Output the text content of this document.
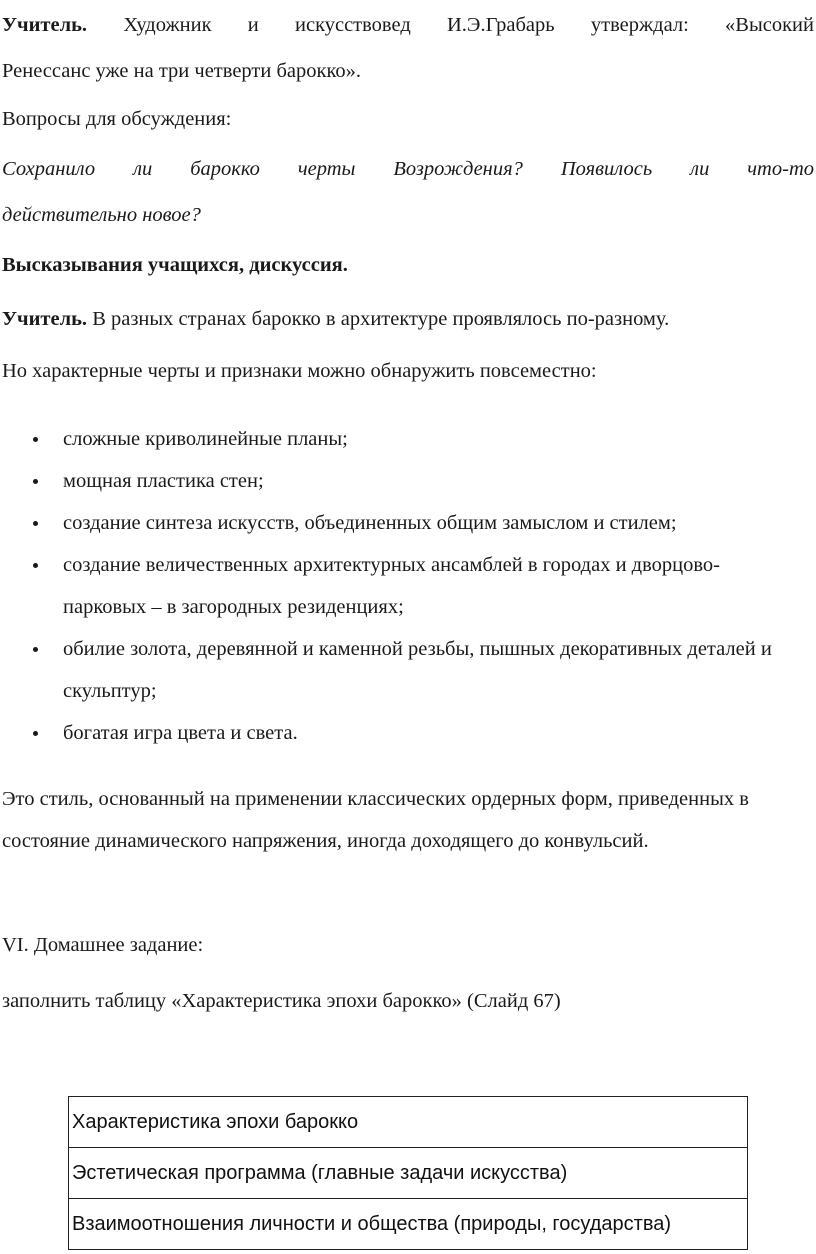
Учитель. Художник и искусствовед И.Э.Грабарь утверждал: «Высокий

Ренессанс уже на три четверти барокко».

Вопросы для обсуждения:

Сохранило ли барокко черты Возрождения? Появилось ли что-то

действительно новое?

Высказывания учащихся, дискуссия.

Учитель. В разных странах барокко в архитектуре проявлялось по-разному.

Но характерные черты и признаки можно обнаружить повсеместно:

сложные криволинейные планы;
мощная пластика стен;
создание синтеза искусств, объединенных общим замыслом и стилем;
создание величественных архитектурных ансамблей в городах и дворцово-парковых – в загородных резиденциях;
обилие золота, деревянной и каменной резьбы, пышных декоративных деталей и скульптур;
богатая игра цвета и света.

Это стиль, основанный на применении классических ордерных форм, приведенных в состояние динамического напряжения, иногда доходящего до конвульсий.

VI. Домашнее задание:

заполнить таблицу «Характеристика эпохи барокко» (Слайд 67)

Характеристика эпохи барокко
Эстетическая программа (главные задачи искусства)
Взаимоотношения личности и общества (природы, государства)
